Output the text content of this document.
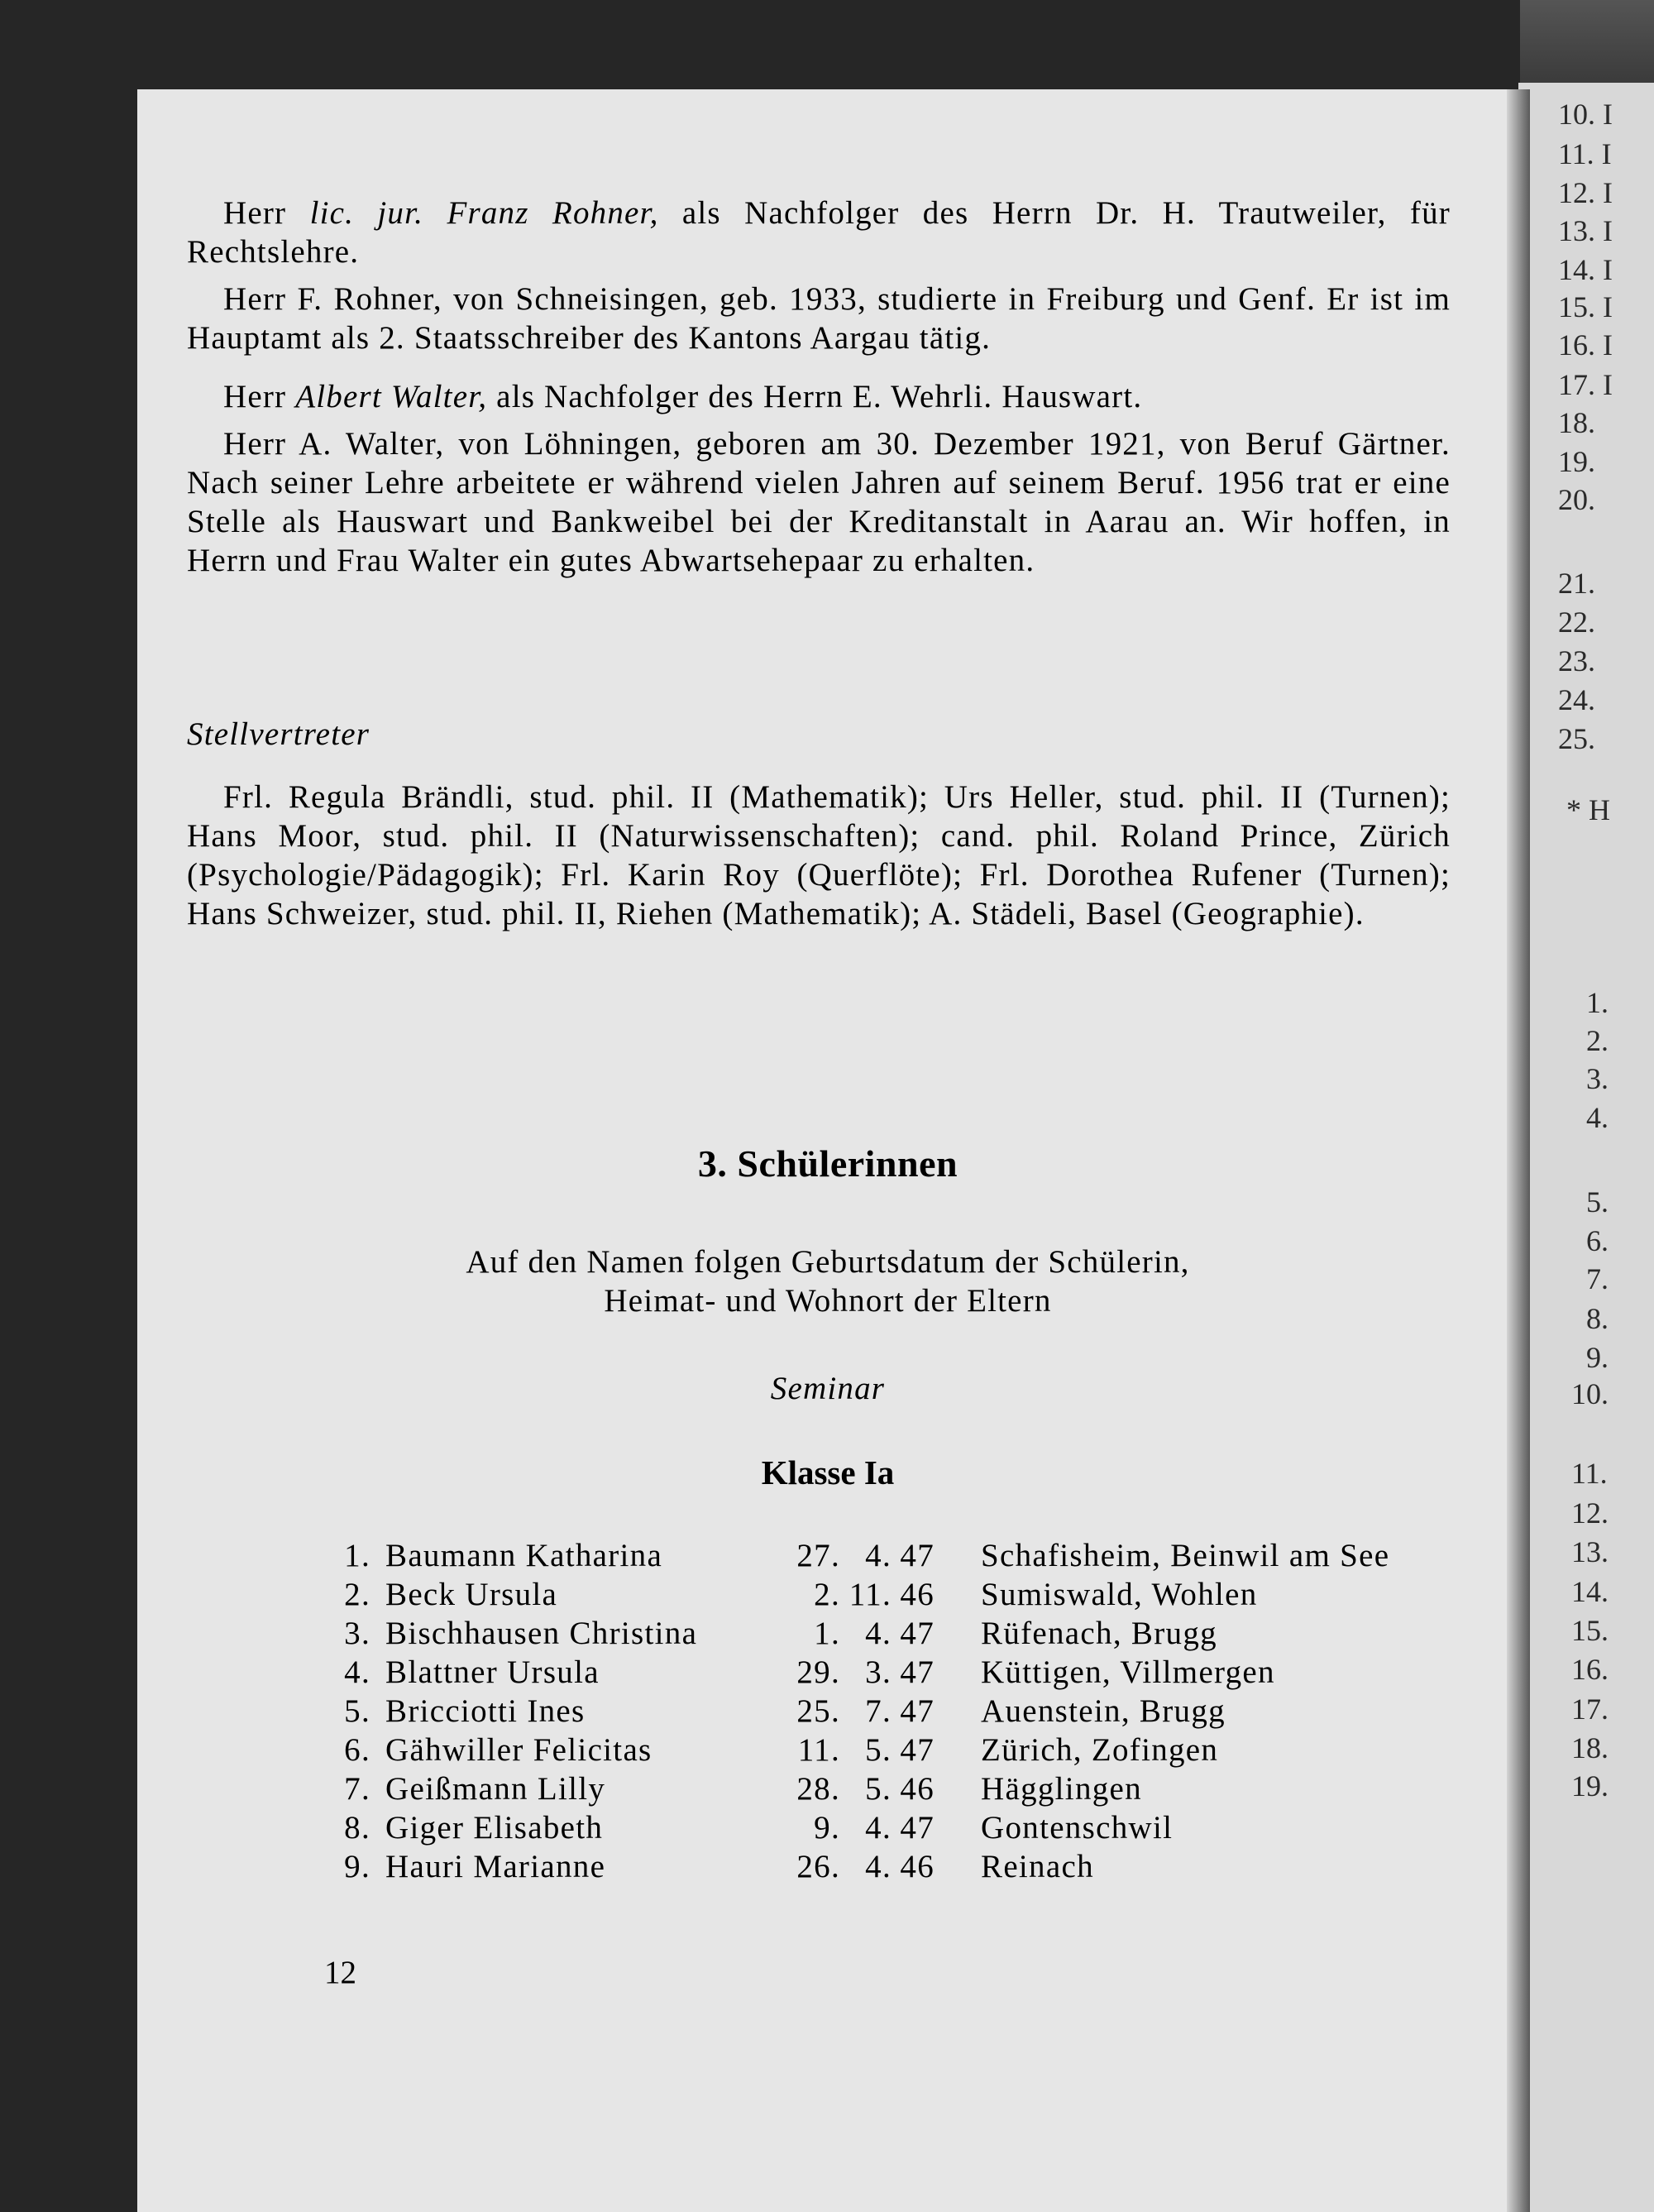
Herr lic. jur. Franz Rohner, als Nachfolger des Herrn Dr. H. Trautweiler, für Rechtslehre.

Herr F. Rohner, von Schneisingen, geb. 1933, studierte in Freiburg und Genf. Er ist im Hauptamt als 2. Staatsschreiber des Kantons Aargau tätig.

Herr Albert Walter, als Nachfolger des Herrn E. Wehrli. Hauswart.

Herr A. Walter, von Löhningen, geboren am 30. Dezember 1921, von Beruf Gärtner. Nach seiner Lehre arbeitete er während vielen Jahren auf seinem Beruf. 1956 trat er eine Stelle als Hauswart und Bankweibel bei der Kreditanstalt in Aarau an. Wir hoffen, in Herrn und Frau Walter ein gutes Abwartsehepaar zu erhalten.

Stellvertreter

Frl. Regula Brändli, stud. phil. II (Mathematik); Urs Heller, stud. phil. II (Turnen); Hans Moor, stud. phil. II (Naturwissenschaften); cand. phil. Roland Prince, Zürich (Psychologie/Pädagogik); Frl. Karin Roy (Querflöte); Frl. Dorothea Rufener (Turnen); Hans Schweizer, stud. phil. II, Riehen (Mathematik); A. Städeli, Basel (Geographie).

3. Schülerinnen
Auf den Namen folgen Geburtsdatum der Schülerin,
Heimat- und Wohnort der Eltern
Seminar
Klasse Ia
1. Baumann Katharina	27. 4. 47 Schafisheim, Beinwil am See
2. Beck Ursula	2. 11. 46 Sumiswald, Wohlen
3. Bischhausen Christina	1. 4. 47 Rüfenach, Brugg
4. Blattner Ursula	29. 3. 47 Küttigen, Villmergen
5. Bricciotti Ines	25. 7. 47 Auenstein, Brugg
6. Gähwiller Felicitas	11. 5. 47 Zürich, Zofingen
7. Geißmann Lilly	28. 5. 46 Hägglingen
8. Giger Elisabeth	9. 4. 47 Gontenschwil
9. Hauri Marianne	26. 4. 46 Reinach
12
10. I
11. I
12. I
13. I
14. I
15. I
16. I
17. I
18.
19.
20.
21.
22.
23.
24.
25.
* H
1.
2.
3.
4.
5.
6.
7.
8.
9.
10.
11.
12.
13.
14.
15.
16.
17.
18.
19.
